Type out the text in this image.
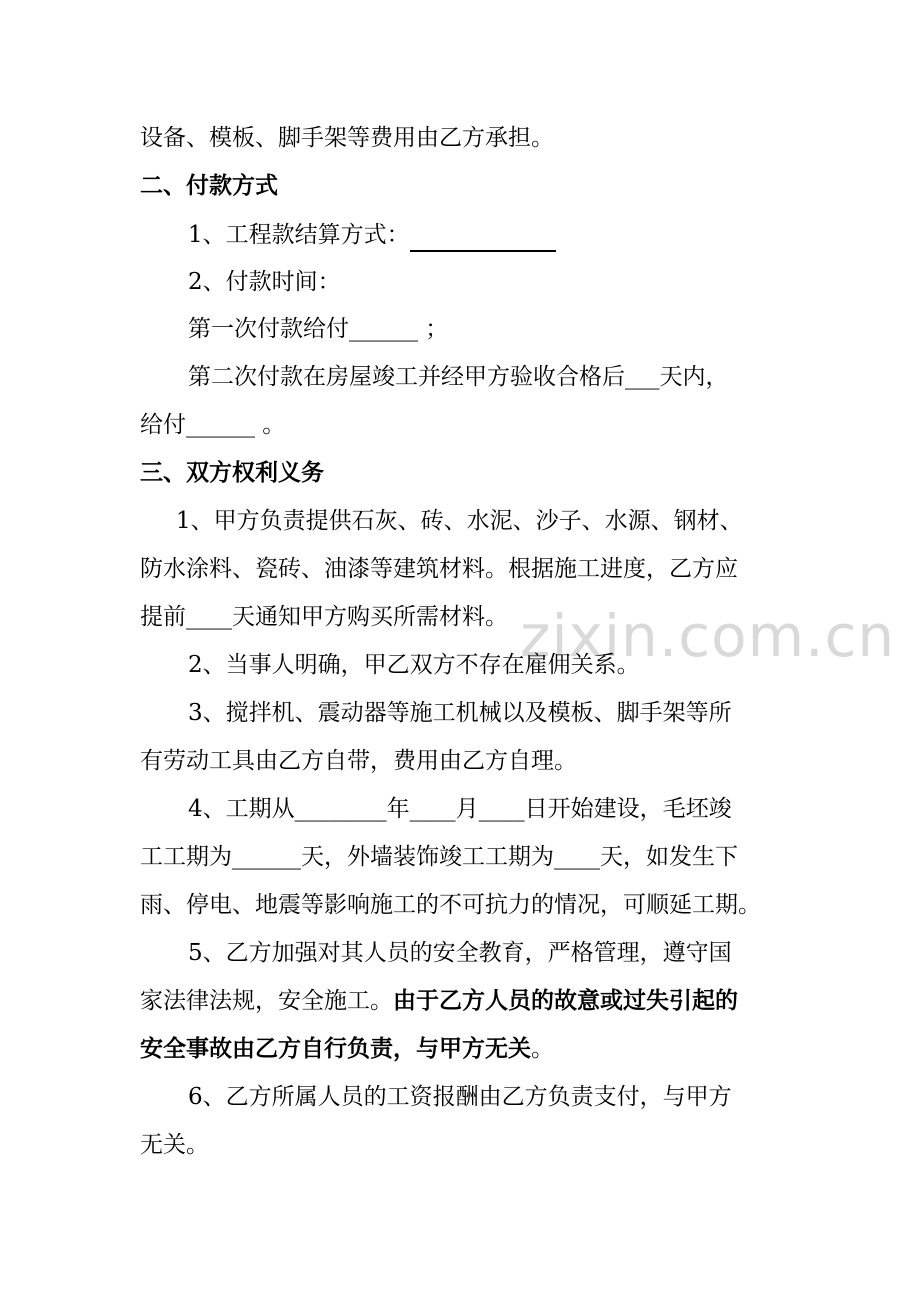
zixin.com.cn
设备、模板、脚手架等费用由乙方承担。
二、付款方式
1、工程款结算方式：
2、付款时间：
第一次付款给付______ ；
第二次付款在房屋竣工并经甲方验收合格后___天内，
给付______ 。
三、双方权利义务
1、甲方负责提供石灰、砖、水泥、沙子、水源、钢材、
防水涂料、瓷砖、油漆等建筑材料。根据施工进度，乙方应
提前____天通知甲方购买所需材料。
2、当事人明确，甲乙双方不存在雇佣关系。
3、搅拌机、震动器等施工机械以及模板、脚手架等所
有劳动工具由乙方自带，费用由乙方自理。
4、工期从________年____月____日开始建设，毛坯竣
工工期为______天，外墙装饰竣工工期为____天，如发生下
雨、停电、地震等影响施工的不可抗力的情况，可顺延工期。
5、乙方加强对其人员的安全教育，严格管理，遵守国
家法律法规，安全施工。由于乙方人员的故意或过失引起的
安全事故由乙方自行负责，与甲方无关。
6、乙方所属人员的工资报酬由乙方负责支付，与甲方
无关。
